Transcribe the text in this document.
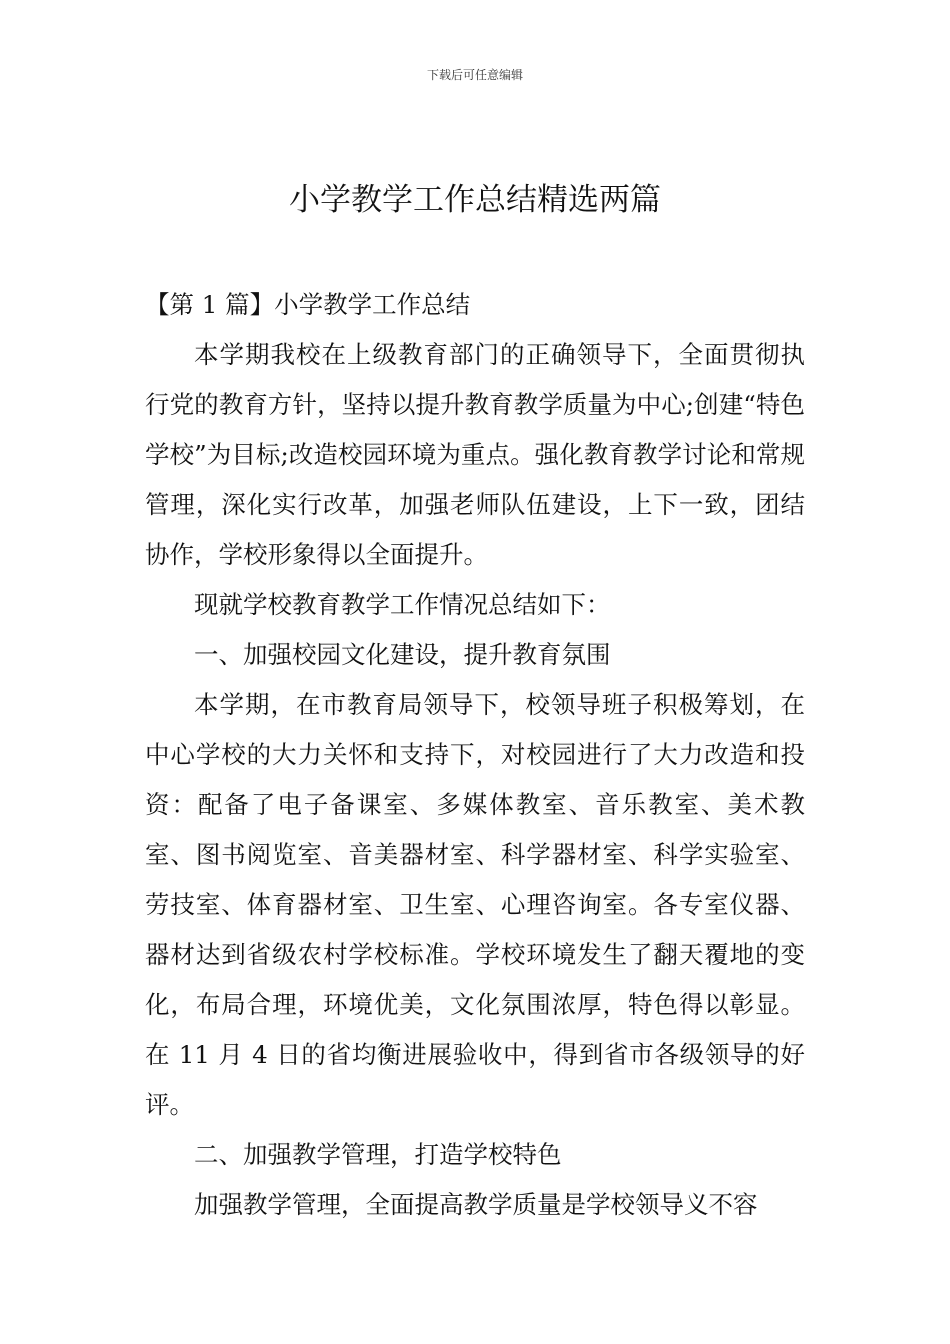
下载后可任意编辑
小学教学工作总结精选两篇

【第 1 篇】小学教学工作总结

本学期我校在上级教育部门的正确领导下，全面贯彻执行党的教育方针，坚持以提升教育教学质量为中心;创建“特色学校”为目标;改造校园环境为重点。强化教育教学讨论和常规管理，深化实行改革，加强老师队伍建设，上下一致，团结协作，学校形象得以全面提升。

现就学校教育教学工作情况总结如下：

一、加强校园文化建设，提升教育氛围

本学期，在市教育局领导下，校领导班子积极筹划，在中心学校的大力关怀和支持下，对校园进行了大力改造和投资：配备了电子备课室、多媒体教室、音乐教室、美术教室、图书阅览室、音美器材室、科学器材室、科学实验室、劳技室、体育器材室、卫生室、心理咨询室。各专室仪器、器材达到省级农村学校标准。学校环境发生了翻天覆地的变化，布局合理，环境优美，文化氛围浓厚，特色得以彰显。在 11 月 4 日的省均衡进展验收中，得到省市各级领导的好评。

二、加强教学管理，打造学校特色

加强教学管理，全面提高教学质量是学校领导义不容
